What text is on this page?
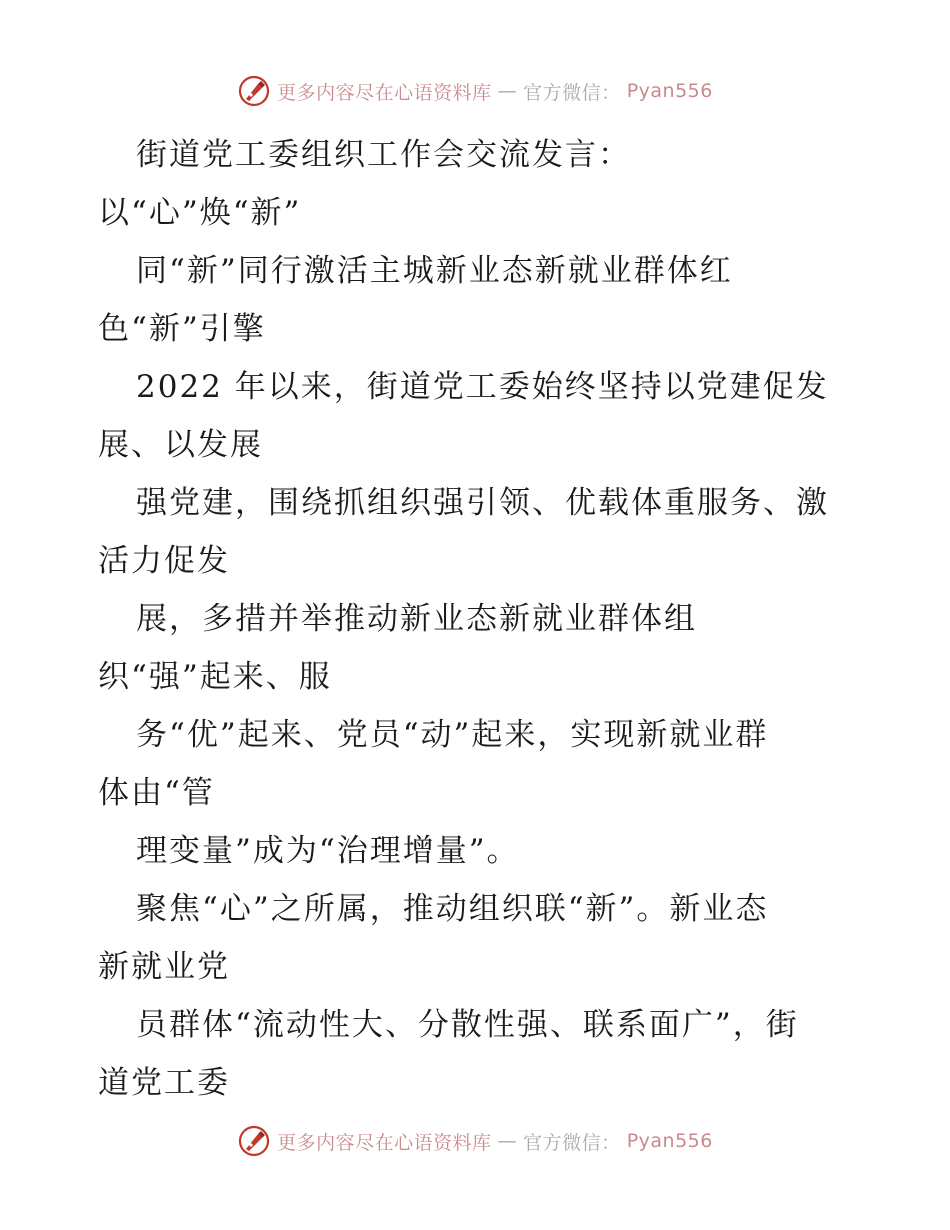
更多内容尽在心语资料库 — 官方微信： Pyan556
街道党工委组织工作会交流发言：
以“心”焕“新”
同“新”同行激活主城新业态新就业群体红
色“新”引擎
2022 年以来，街道党工委始终坚持以党建促发
展、以发展
强党建，围绕抓组织强引领、优载体重服务、激
活力促发
展，多措并举推动新业态新就业群体组
织“强”起来、服
务“优”起来、党员“动”起来，实现新就业群
体由“管
理变量”成为“治理增量”。
聚焦“心”之所属，推动组织联“新”。新业态
新就业党
员群体“流动性大、分散性强、联系面广”，街
道党工委
更多内容尽在心语资料库 — 官方微信： Pyan556
